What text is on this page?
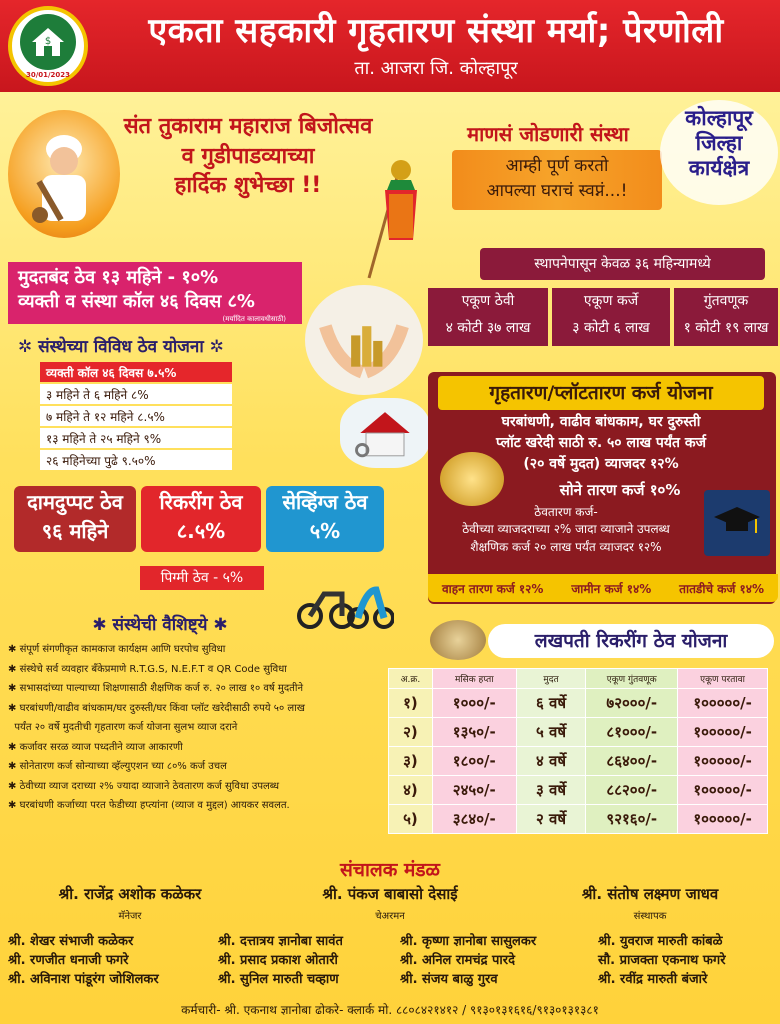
$
30/01/2023
एकता सहकारी गृहतारण संस्था मर्या; पेरणोली
ता. आजरा जि. कोल्हापूर
संत तुकाराम महाराज बिजोत्सव
व गुडीपाडव्याच्या
हार्दिक शुभेच्छा !!
माणसं जोडणारी संस्था
आम्ही पूर्ण करतो
आपल्या घराचं स्वप्नं...!
कोल्हापूर
जिल्हा
कार्यक्षेत्र
स्थापनेपासून केवळ ३६ महिन्यामध्ये
एकूण ठेवी
४ कोटी ३७ लाख
एकूण कर्जे
३ कोटी ६ लाख
गुंतवणूक
१ कोटी १९ लाख
मुदतबंद ठेव १३ महिने - १०%
व्यक्ती व संस्था कॉल ४६ दिवस ८%
(मर्यादित कालावधीसाठी)
✲ संस्थेच्या विविध ठेव योजना ✲
व्यक्ती कॉल ४६ दिवस ७.५%
३ महिने ते ६ महिने ८%
७ महिने ते १२ महिने ८.५%
१३ महिने ते २५ महिने ९%
२६ महिनेच्या पुढे ९.५०%
दामदुप्पट ठेव
९६ महिने
रिकरींग ठेव
८.५%
सेव्हिंग्ज ठेव
५%
पिग्मी ठेव - ५%
गृहतारण/प्लॉटतारण कर्ज योजना
घरबांधणी, वाढीव बांधकाम, घर दुरुस्ती
प्लॉट खरेदी साठी रु. ५० लाख पर्यंत कर्ज
(२० वर्षे मुदत) व्याजदर १२%
सोने तारण कर्ज १०%
ठेवतारण कर्ज-
ठेवीच्या व्याजदराच्या २% जादा व्याजाने उपलब्ध
शैक्षणिक कर्ज २० लाख पर्यंत व्याजदर १२%
वाहन तारण कर्ज १२% जामीन कर्ज १४% तातडीचे कर्ज १४%
✱ संस्थेची वैशिष्ट्ये ✱
✱ संपूर्ण संगणीकृत कामकाज कार्यक्षम आणि घरपोच सुविधा
✱ संस्थेचे सर्व व्यवहार बँकेप्रमाणे R.T.G.S, N.E.F.T व QR Code सुविधा
✱ सभासदांच्या पाल्याच्या शिक्षणासाठी शैक्षणिक कर्ज रु. २० लाख १० वर्ष मुदतीने
✱ घरबांधणी/वाढीव बांधकाम/घर दुरुस्ती/घर किंवा प्लॉट खरेदीसाठी रुपये ५० लाख
पर्यंत २० वर्षे मुदतीची गृहतारण कर्ज योजना सुलभ व्याज दराने
✱ कर्जावर सरळ व्याज पध्दतीने व्याज आकारणी
✱ सोनेतारण कर्ज सोन्याच्या व्हॅल्युएशन च्या ८०% कर्ज उचल
✱ ठेवीच्या व्याज दराच्या २% ज्यादा व्याजाने ठेवतारण कर्ज सुविधा उपलब्ध
✱ घरबांधणी कर्जाच्या परत फेडीच्या हप्त्यांना (व्याज व मुद्दल) आयकर सवलत.
लखपती रिकरींग ठेव योजना
अ.क्र.	मसिक हप्ता	मुदत	एकूण गुंतवणूक	एकूण परतावा
१)	१०००/-	६ वर्षे	७२०००/-	१०००००/-
२)	१३५०/-	५ वर्षे	८१०००/-	१०००००/-
३)	१८००/-	४ वर्षे	८६४००/-	१०००००/-
४)	२४५०/-	३ वर्षे	८८२००/-	१०००००/-
५)	३८४०/-	२ वर्षे	९२१६०/-	१०००००/-
संचालक मंडळ
श्री. राजेंद्र अशोक कळेकर	श्री. पंकज बाबासो देसाई	श्री. संतोष लक्ष्मण जाधव
मॅनेजर	चेअरमन	संस्थापक
श्री. शेखर संभाजी कळेकर
श्री. रणजीत धनाजी फगरे
श्री. अविनाश पांडूरंग जोशिलकर
श्री. दत्तात्रय ज्ञानोबा सावंत
श्री. प्रसाद प्रकाश ओतारी
श्री. सुनिल मारुती चव्हाण
श्री. कृष्णा ज्ञानोबा सासुलकर
श्री. अनिल रामचंद्र पारदे
श्री. संजय बाळु गुरव
श्री. युवराज मारुती कांबळे
सौ. प्राजक्ता एकनाथ फगरे
श्री. रवींद्र मारुती बंजारे
कर्मचारी- श्री. एकनाथ ज्ञानोबा ढोकरे- क्लार्क मो. ८८०८४२१४१२ / ९१३०१३१६१६/९१३०१३१३८१
